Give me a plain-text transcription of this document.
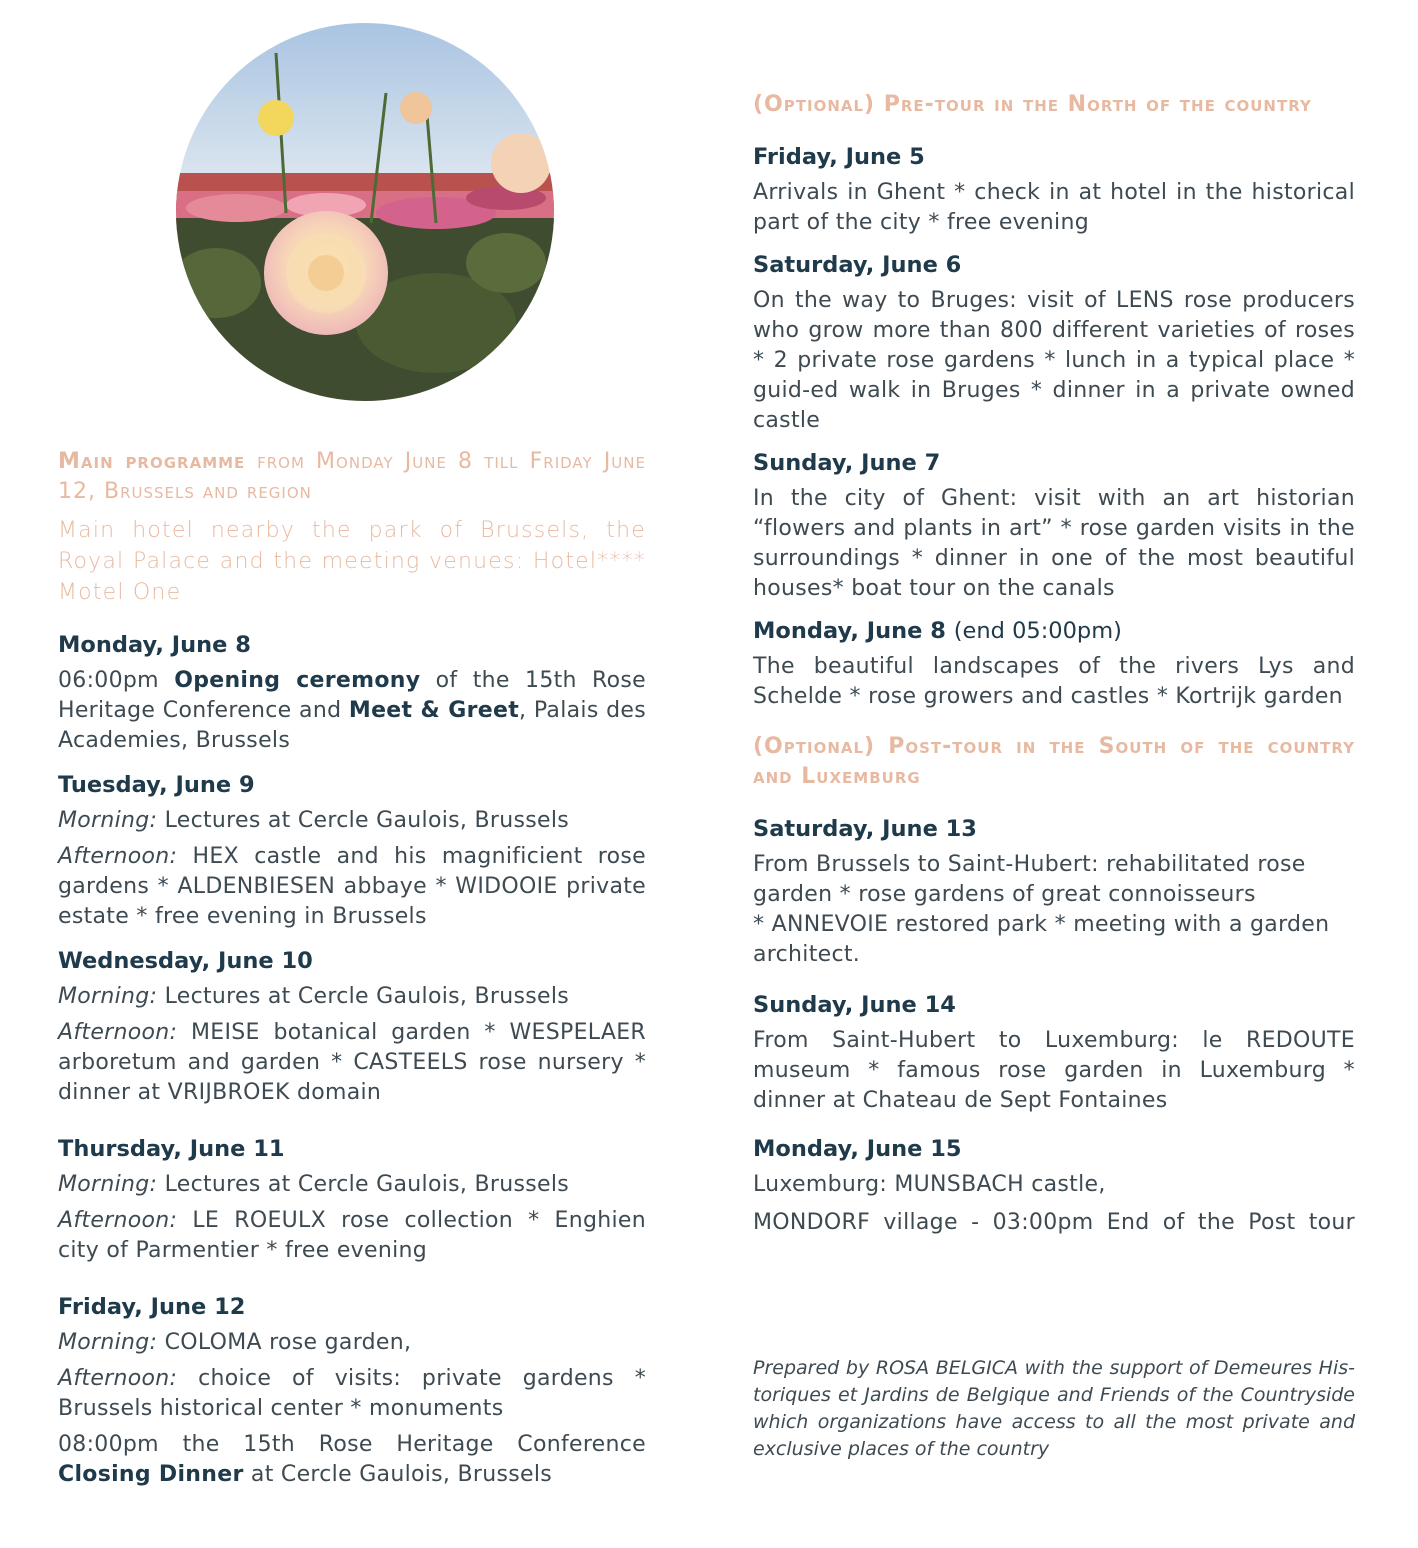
Main programme from Monday June 8 till Friday June 12, Brussels and region

Main hotel nearby the park of Brussels, the Royal Palace and the meeting venues: Hotel**** Motel One

Monday, June 8

06:00pm Opening ceremony of the 15th Rose Heritage Conference and Meet & Greet, Palais des Academies, Brussels

Tuesday, June 9

Morning: Lectures at Cercle Gaulois, Brussels

Afternoon: HEX castle and his magnificient rose gardens * ALDENBIESEN abbaye * WIDOOIE private estate * free evening in Brussels

Wednesday, June 10

Morning: Lectures at Cercle Gaulois, Brussels

Afternoon: MEISE botanical garden * WESPELAER arboretum and garden * CASTEELS rose nursery * dinner at VRIJBROEK domain

Thursday, June 11

Morning: Lectures at Cercle Gaulois, Brussels

Afternoon: LE ROEULX rose collection * Enghien city of Parmentier * free evening

Friday, June 12

Morning: COLOMA rose garden,

Afternoon: choice of visits: private gardens * Brussels historical center * monuments

08:00pm the 15th Rose Heritage Conference Closing Dinner at Cercle Gaulois, Brussels

(Optional) Pre-tour in the North of the country

Friday, June 5

Arrivals in Ghent * check in at hotel in the historical part of the city * free evening

Saturday, June 6

On the way to Bruges: visit of LENS rose producers who grow more than 800 different varieties of roses * 2 private rose gardens * lunch in a typical place * guid-ed walk in Bruges * dinner in a private owned castle

Sunday, June 7

In the city of Ghent: visit with an art historian “flowers and plants in art” * rose garden visits in the surroundings * dinner in one of the most beautiful houses* boat tour on the canals

Monday, June 8 (end 05:00pm)

The beautiful landscapes of the rivers Lys and Schelde * rose growers and castles * Kortrijk garden

(Optional) Post-tour in the South of the country and Luxemburg

Saturday, June 13

From Brussels to Saint-Hubert: rehabilitated rose garden * rose gardens of great connoisseurs

* ANNEVOIE restored park * meeting with a garden architect.

Sunday, June 14

From Saint-Hubert to Luxemburg: le REDOUTE museum * famous rose garden in Luxemburg * dinner at Chateau de Sept Fontaines

Monday, June 15

Luxemburg: MUNSBACH castle,

MONDORF village - 03:00pm End of the Post tour

Prepared by ROSA BELGICA with the support of Demeures His-toriques et Jardins de Belgique and Friends of the Countryside which organizations have access to all the most private and exclusive places of the country
